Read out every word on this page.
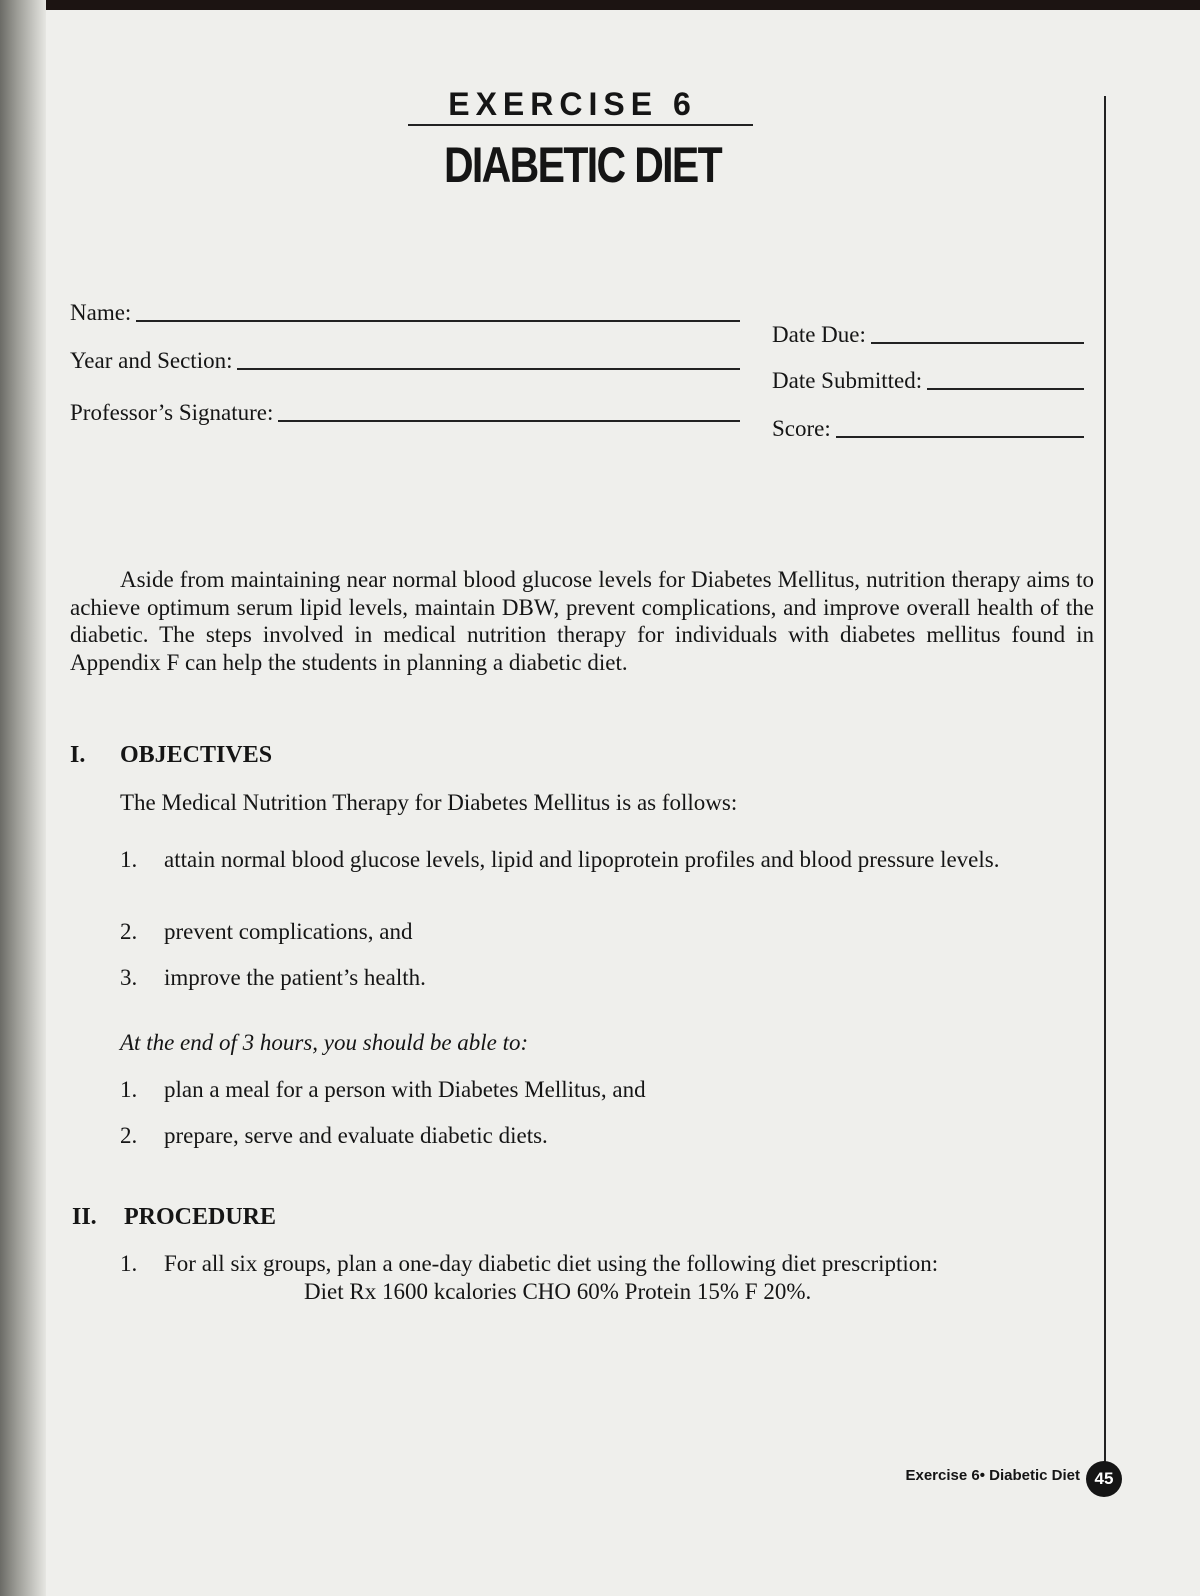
EXERCISE 6
DIABETIC DIET
Name:
Year and Section:
Professor’s Signature:
Date Due:
Date Submitted:
Score:

Aside from maintaining near normal blood glucose levels for Diabetes Mellitus, nutrition therapy aims to achieve optimum serum lipid levels, maintain DBW, prevent complications, and improve overall health of the diabetic. The steps involved in medical nutrition therapy for individuals with diabetes mellitus found in Appendix F can help the students in planning a diabetic diet.

I. OBJECTIVES

The Medical Nutrition Therapy for Diabetes Mellitus is as follows:

1. attain normal blood glucose levels, lipid and lipoprotein profiles and blood pressure levels.
2. prevent complications, and
3. improve the patient’s health.

At the end of 3 hours, you should be able to:

1. plan a meal for a person with Diabetes Mellitus, and
2. prepare, serve and evaluate diabetic diets.
II. PROCEDURE
1. For all six groups, plan a one-day diabetic diet using the following diet prescription:
Diet Rx 1600 kcalories CHO 60% Protein 15% F 20%.
Exercise 6• Diabetic Diet 45
